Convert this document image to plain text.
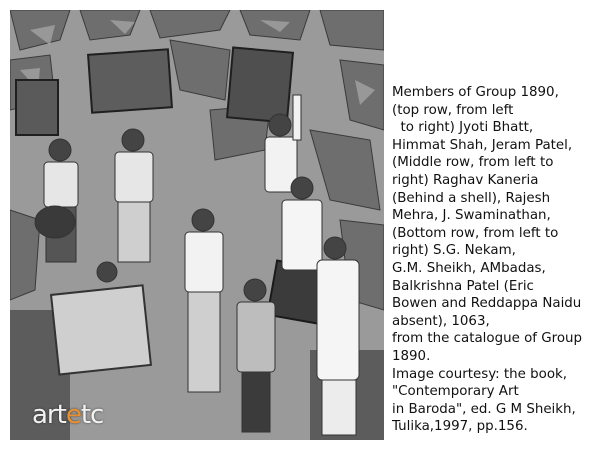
artetc
Members of Group 1890,
(top row, from left
to right) Jyoti Bhatt,
Himmat Shah, Jeram Patel,
(Middle row, from left to
right) Raghav Kaneria
(Behind a shell), Rajesh
Mehra, J. Swaminathan,
(Bottom row, from left to
right) S.G. Nekam,
G.M. Sheikh, AMbadas,
Balkrishna Patel (Eric
Bowen and Reddappa Naidu
absent), 1063,
from the catalogue of Group
1890.
Image courtesy: the book,
"Contemporary Art
in Baroda", ed. G M Sheikh,
Tulika,1997, pp.156.
